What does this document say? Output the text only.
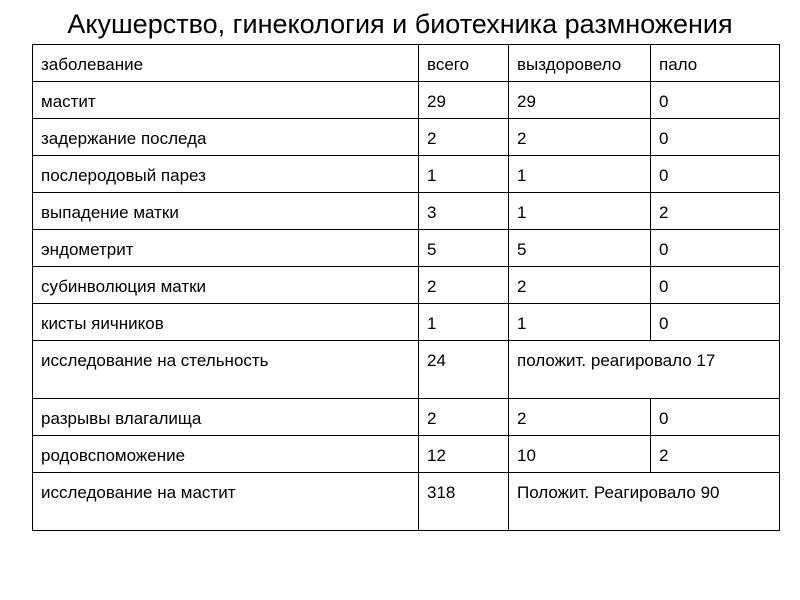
Акушерство, гинекология и биотехника размножения
заболевание	всего	выздоровело	пало
мастит	29	29	0
задержание последа	2	2	0
послеродовый парез	1	1	0
выпадение матки	3	1	2
эндометрит	5	5	0
субинволюция матки	2	2	0
кисты яичников	1	1	0
исследование на стельность	24	положит. реагировало 17	
разрывы влагалища	2	2	0
родовспоможение	12	10	2
исследование на мастит	318	Положит. Реагировало 90	
